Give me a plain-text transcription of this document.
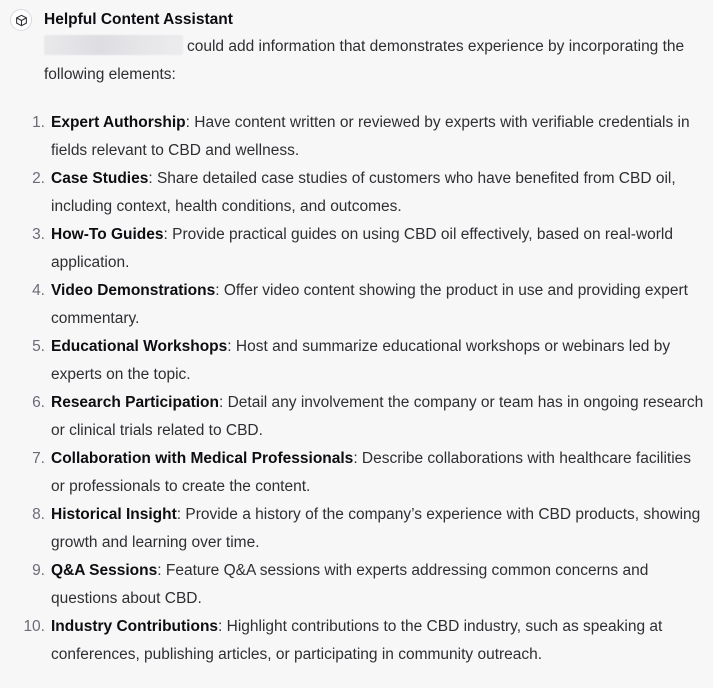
Helpful Content Assistant

could add information that demonstrates experience by incorporating the following elements:

1. Expert Authorship: Have content written or reviewed by experts with verifiable credentials in fields relevant to CBD and wellness.
2. Case Studies: Share detailed case studies of customers who have benefited from CBD oil, including context, health conditions, and outcomes.
3. How-To Guides: Provide practical guides on using CBD oil effectively, based on real-world application.
4. Video Demonstrations: Offer video content showing the product in use and providing expert commentary.
5. Educational Workshops: Host and summarize educational workshops or webinars led by experts on the topic.
6. Research Participation: Detail any involvement the company or team has in ongoing research or clinical trials related to CBD.
7. Collaboration with Medical Professionals: Describe collaborations with healthcare facilities or professionals to create the content.
8. Historical Insight: Provide a history of the company’s experience with CBD products, showing growth and learning over time.
9. Q&A Sessions: Feature Q&A sessions with experts addressing common concerns and questions about CBD.
10. Industry Contributions: Highlight contributions to the CBD industry, such as speaking at conferences, publishing articles, or participating in community outreach.
